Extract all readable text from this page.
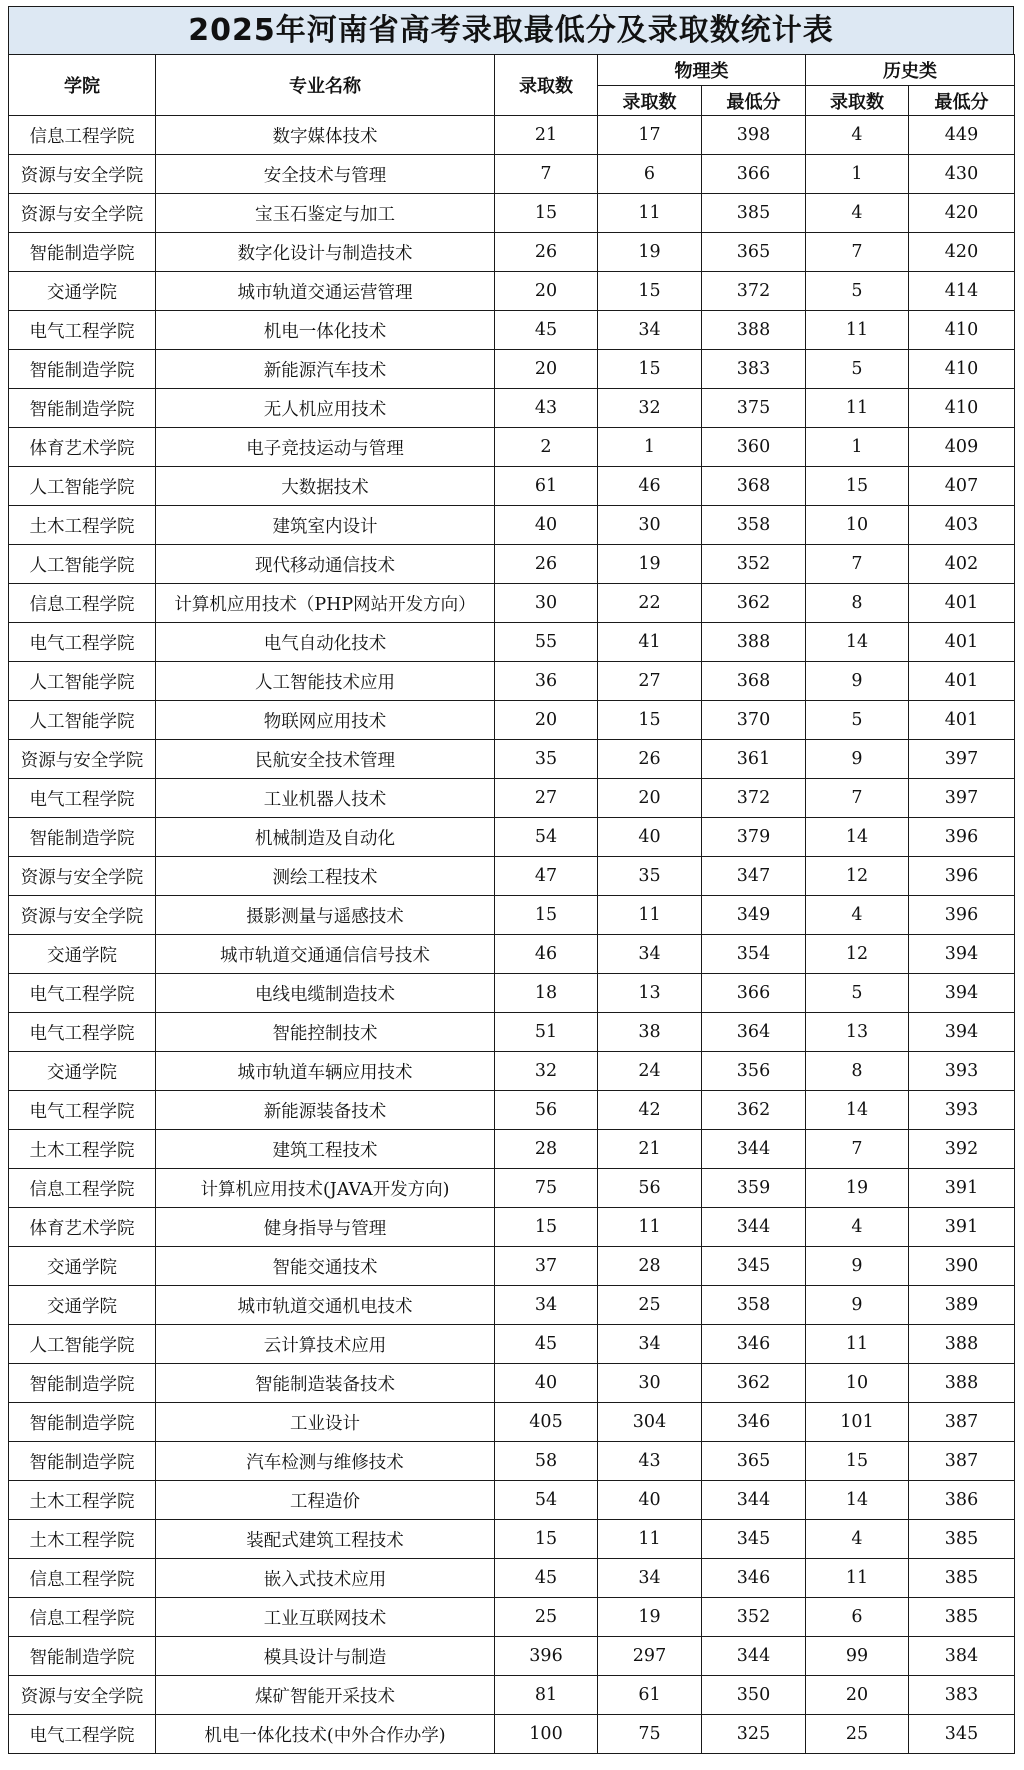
2025年河南省高考录取最低分及录取数统计表
学院	专业名称	录取数	物理类		历史类	
			录取数	最低分	录取数	最低分
信息工程学院	数字媒体技术	21	17	398	4	449
资源与安全学院	安全技术与管理	7	6	366	1	430
资源与安全学院	宝玉石鉴定与加工	15	11	385	4	420
智能制造学院	数字化设计与制造技术	26	19	365	7	420
交通学院	城市轨道交通运营管理	20	15	372	5	414
电气工程学院	机电一体化技术	45	34	388	11	410
智能制造学院	新能源汽车技术	20	15	383	5	410
智能制造学院	无人机应用技术	43	32	375	11	410
体育艺术学院	电子竞技运动与管理	2	1	360	1	409
人工智能学院	大数据技术	61	46	368	15	407
土木工程学院	建筑室内设计	40	30	358	10	403
人工智能学院	现代移动通信技术	26	19	352	7	402
信息工程学院	计算机应用技术（PHP网站开发方向）	30	22	362	8	401
电气工程学院	电气自动化技术	55	41	388	14	401
人工智能学院	人工智能技术应用	36	27	368	9	401
人工智能学院	物联网应用技术	20	15	370	5	401
资源与安全学院	民航安全技术管理	35	26	361	9	397
电气工程学院	工业机器人技术	27	20	372	7	397
智能制造学院	机械制造及自动化	54	40	379	14	396
资源与安全学院	测绘工程技术	47	35	347	12	396
资源与安全学院	摄影测量与遥感技术	15	11	349	4	396
交通学院	城市轨道交通通信信号技术	46	34	354	12	394
电气工程学院	电线电缆制造技术	18	13	366	5	394
电气工程学院	智能控制技术	51	38	364	13	394
交通学院	城市轨道车辆应用技术	32	24	356	8	393
电气工程学院	新能源装备技术	56	42	362	14	393
土木工程学院	建筑工程技术	28	21	344	7	392
信息工程学院	计算机应用技术(JAVA开发方向)	75	56	359	19	391
体育艺术学院	健身指导与管理	15	11	344	4	391
交通学院	智能交通技术	37	28	345	9	390
交通学院	城市轨道交通机电技术	34	25	358	9	389
人工智能学院	云计算技术应用	45	34	346	11	388
智能制造学院	智能制造装备技术	40	30	362	10	388
智能制造学院	工业设计	405	304	346	101	387
智能制造学院	汽车检测与维修技术	58	43	365	15	387
土木工程学院	工程造价	54	40	344	14	386
土木工程学院	装配式建筑工程技术	15	11	345	4	385
信息工程学院	嵌入式技术应用	45	34	346	11	385
信息工程学院	工业互联网技术	25	19	352	6	385
智能制造学院	模具设计与制造	396	297	344	99	384
资源与安全学院	煤矿智能开采技术	81	61	350	20	383
电气工程学院	机电一体化技术(中外合作办学)	100	75	325	25	345
